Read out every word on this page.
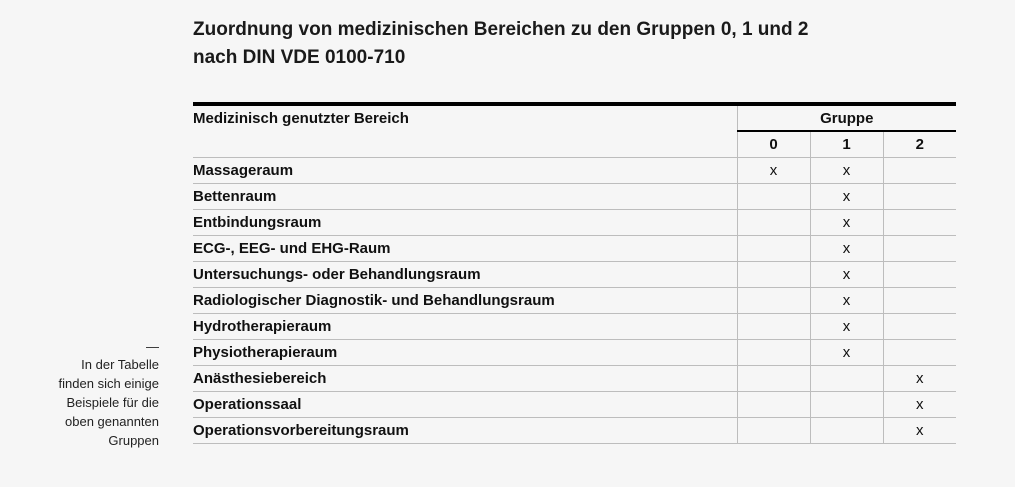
Zuordnung von medizinischen Bereichen zu den Gruppen 0, 1 und 2
nach DIN VDE 0100-710
—
In der Tabelle
finden sich einige
Beispiele für die
oben genannten
Gruppen
Medizinisch genutzter Bereich	Gruppe		
	0	1	2
Massageraum	x	x	
Bettenraum		x	
Entbindungsraum		x	
ECG-, EEG- und EHG-Raum		x	
Untersuchungs- oder Behandlungsraum		x	
Radiologischer Diagnostik- und Behandlungsraum		x	
Hydrotherapieraum		x	
Physiotherapieraum		x	
Anästhesiebereich			x
Operationssaal			x
Operationsvorbereitungsraum			x
